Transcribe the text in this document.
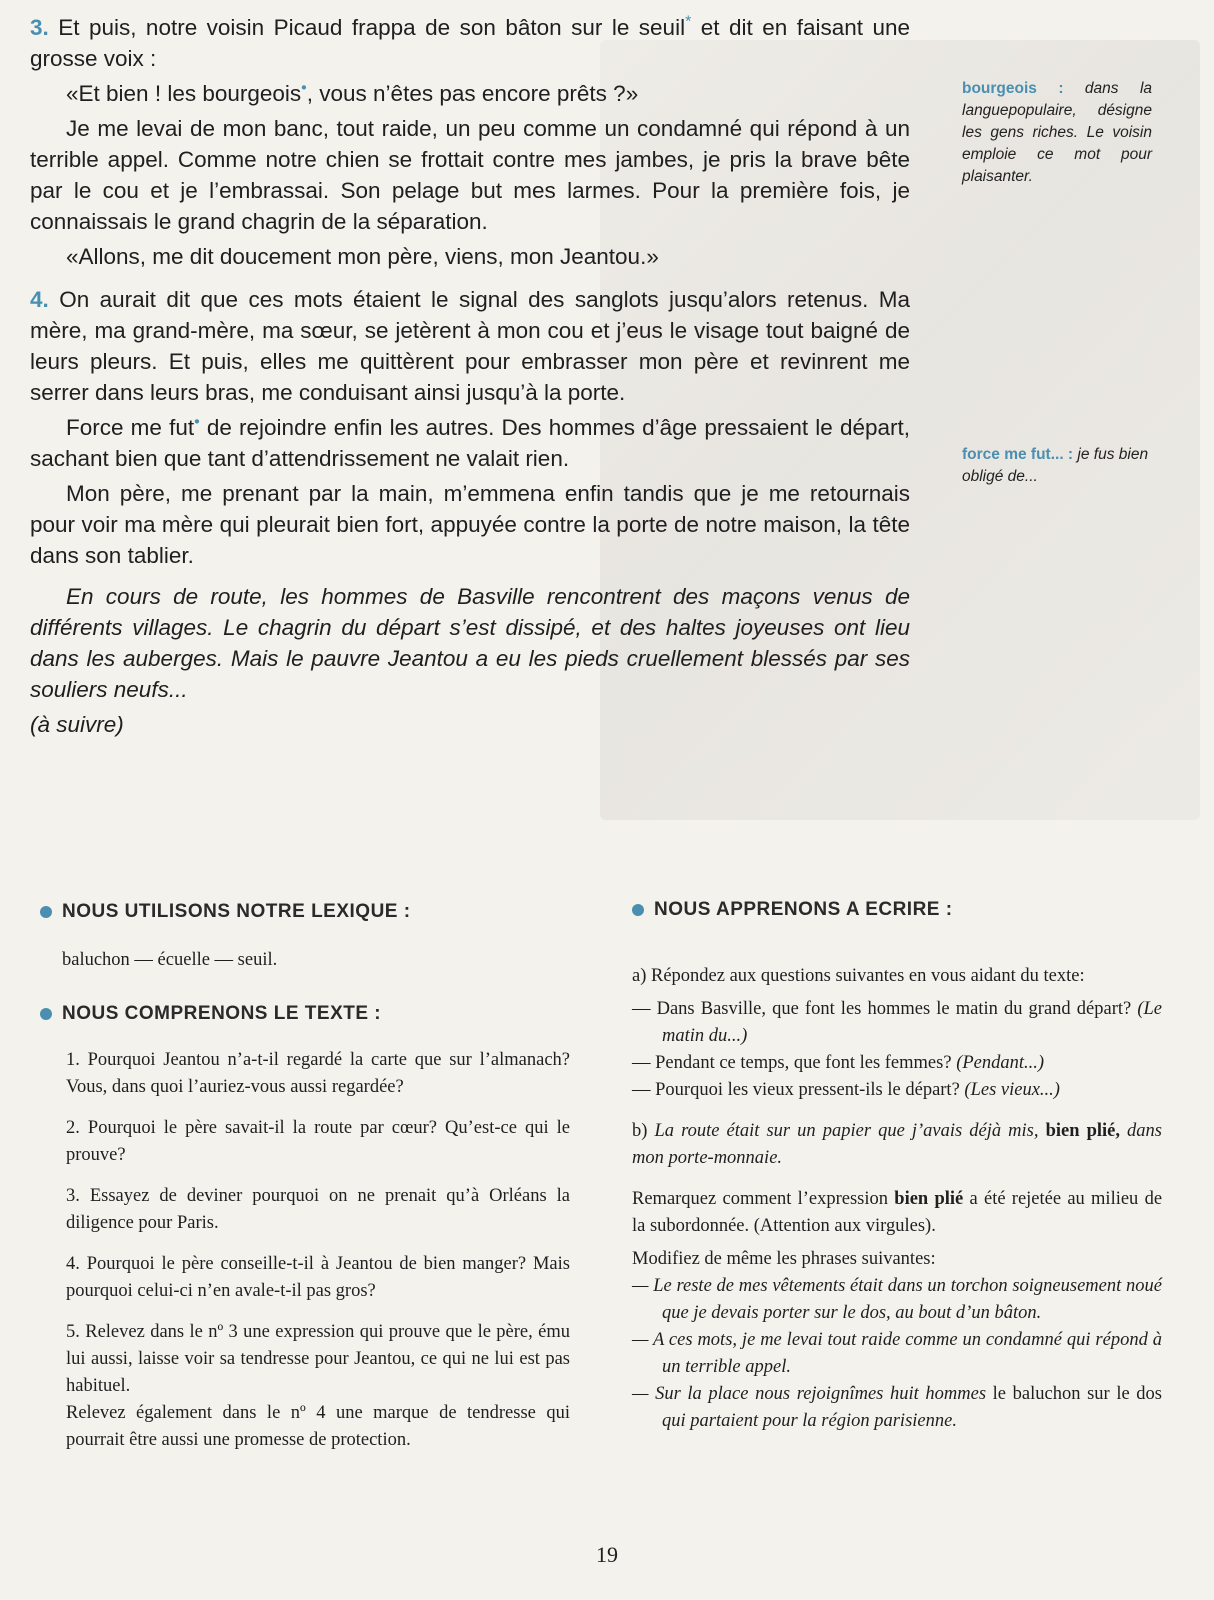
3. Et puis, notre voisin Picaud frappa de son bâton sur le seuil* et dit en faisant une grosse voix :

«Et bien ! les bourgeois•, vous n’êtes pas encore prêts ?»

Je me levai de mon banc, tout raide, un peu comme un condamné qui répond à un terrible appel. Comme notre chien se frottait contre mes jambes, je pris la brave bête par le cou et je l’embrassai. Son pelage but mes larmes. Pour la première fois, je connaissais le grand chagrin de la séparation.

«Allons, me dit doucement mon père, viens, mon Jeantou.»

4. On aurait dit que ces mots étaient le signal des sanglots jusqu’alors retenus. Ma mère, ma grand-mère, ma sœur, se jetèrent à mon cou et j’eus le visage tout baigné de leurs pleurs. Et puis, elles me quittèrent pour embrasser mon père et revinrent me serrer dans leurs bras, me conduisant ainsi jusqu’à la porte.

Force me fut• de rejoindre enfin les autres. Des hommes d’âge pressaient le départ, sachant bien que tant d’attendrissement ne valait rien.

Mon père, me prenant par la main, m’emmena enfin tandis que je me retournais pour voir ma mère qui pleurait bien fort, appuyée contre la porte de notre maison, la tête dans son tablier.

En cours de route, les hommes de Basville rencontrent des maçons venus de différents villages. Le chagrin du départ s’est dissipé, et des haltes joyeuses ont lieu dans les auberges. Mais le pauvre Jeantou a eu les pieds cruellement blessés par ses souliers neufs...

(à suivre)

bourgeois : dans la languepopulaire, désigne les gens riches. Le voisin emploie ce mot pour plaisanter.
force me fut... : je fus bien obligé de...
NOUS UTILISONS NOTRE LEXIQUE :

baluchon — écuelle — seuil.

NOUS COMPRENONS LE TEXTE :

1. Pourquoi Jeantou n’a-t-il regardé la carte que sur l’almanach? Vous, dans quoi l’auriez-vous aussi regardée?

2. Pourquoi le père savait-il la route par cœur? Qu’est-ce qui le prouve?

3. Essayez de deviner pourquoi on ne prenait qu’à Orléans la diligence pour Paris.

4. Pourquoi le père conseille-t-il à Jeantou de bien manger? Mais pourquoi celui-ci n’en avale-t-il pas gros?

5. Relevez dans le nº 3 une expression qui prouve que le père, ému lui aussi, laisse voir sa tendresse pour Jeantou, ce qui ne lui est pas habituel.

Relevez également dans le nº 4 une marque de tendresse qui pourrait être aussi une promesse de protection.

NOUS APPRENONS A ECRIRE :

a) Répondez aux questions suivantes en vous aidant du texte:

— Dans Basville, que font les hommes le matin du grand départ? (Le matin du...)

— Pendant ce temps, que font les femmes? (Pendant...)

— Pourquoi les vieux pressent-ils le départ? (Les vieux...)

b) La route était sur un papier que j’avais déjà mis, bien plié, dans mon porte-monnaie.

Remarquez comment l’expression bien plié a été rejetée au milieu de la subordonnée. (Attention aux virgules).

Modifiez de même les phrases suivantes:

— Le reste de mes vêtements était dans un torchon soigneusement noué que je devais porter sur le dos, au bout d’un bâton.

— A ces mots, je me levai tout raide comme un condamné qui répond à un terrible appel.

— Sur la place nous rejoignîmes huit hommes le baluchon sur le dos qui partaient pour la région parisienne.

19
